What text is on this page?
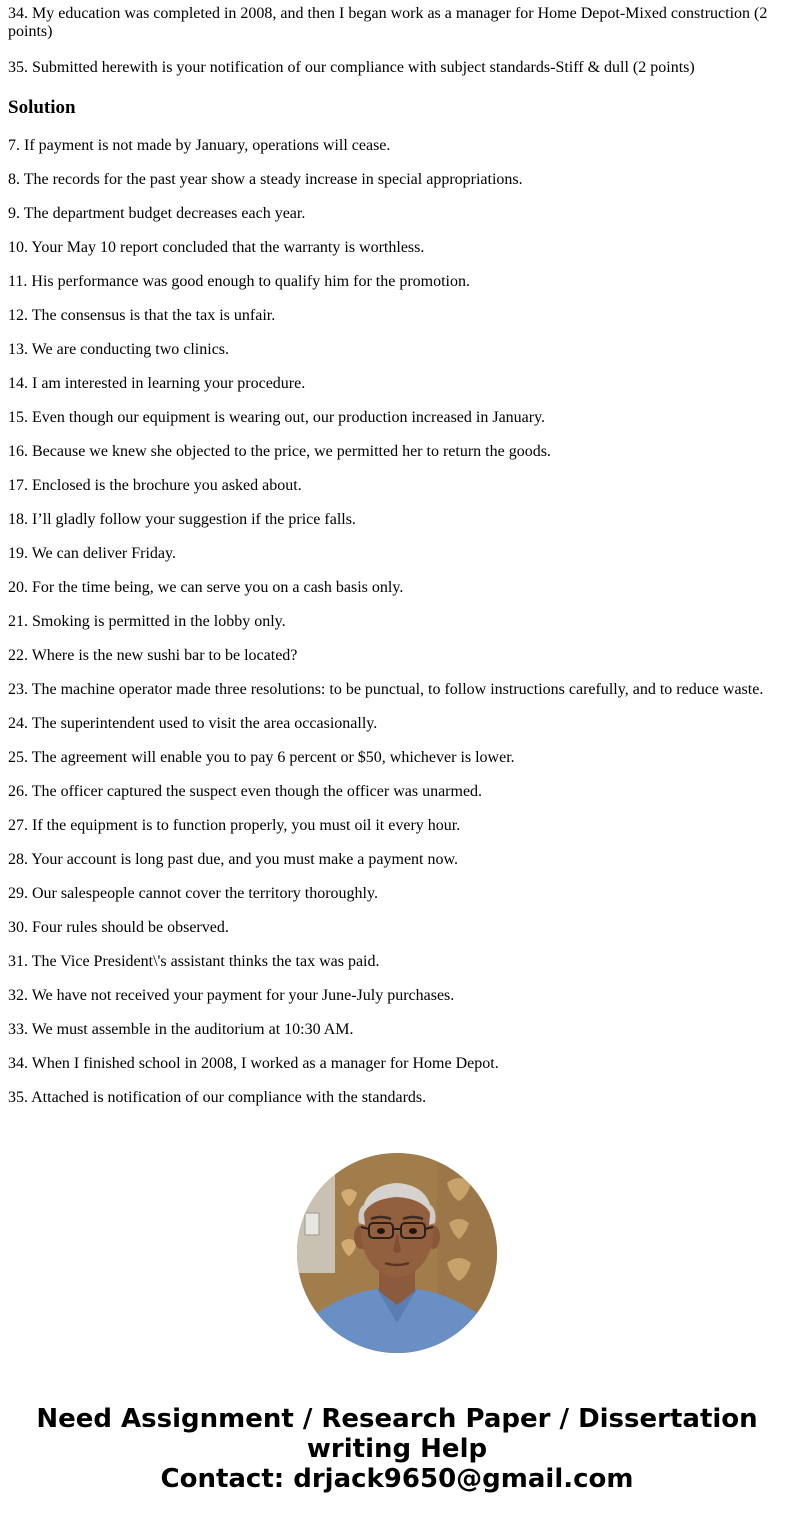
34. My education was completed in 2008, and then I began work as a manager for Home Depot-Mixed construction (2 points)

35. Submitted herewith is your notification of our compliance with subject standards-Stiff & dull (2 points)

Solution

7. If payment is not made by January, operations will cease.

8. The records for the past year show a steady increase in special appropriations.

9. The department budget decreases each year.

10. Your May 10 report concluded that the warranty is worthless.

11. His performance was good enough to qualify him for the promotion.

12. The consensus is that the tax is unfair.

13. We are conducting two clinics.

14. I am interested in learning your procedure.

15. Even though our equipment is wearing out, our production increased in January.

16. Because we knew she objected to the price, we permitted her to return the goods.

17. Enclosed is the brochure you asked about.

18. I’ll gladly follow your suggestion if the price falls.

19. We can deliver Friday.

20. For the time being, we can serve you on a cash basis only.

21. Smoking is permitted in the lobby only.

22. Where is the new sushi bar to be located?

23. The machine operator made three resolutions: to be punctual, to follow instructions carefully, and to reduce waste.

24. The superintendent used to visit the area occasionally.

25. The agreement will enable you to pay 6 percent or $50, whichever is lower.

26. The officer captured the suspect even though the officer was unarmed.

27. If the equipment is to function properly, you must oil it every hour.

28. Your account is long past due, and you must make a payment now.

29. Our salespeople cannot cover the territory thoroughly.

30. Four rules should be observed.

31. The Vice President\'s assistant thinks the tax was paid.

32. We have not received your payment for your June-July purchases.

33. We must assemble in the auditorium at 10:30 AM.

34. When I finished school in 2008, I worked as a manager for Home Depot.

35. Attached is notification of our compliance with the standards.

Need Assignment / Research Paper / Dissertation
writing Help
Contact: drjack9650@gmail.com
